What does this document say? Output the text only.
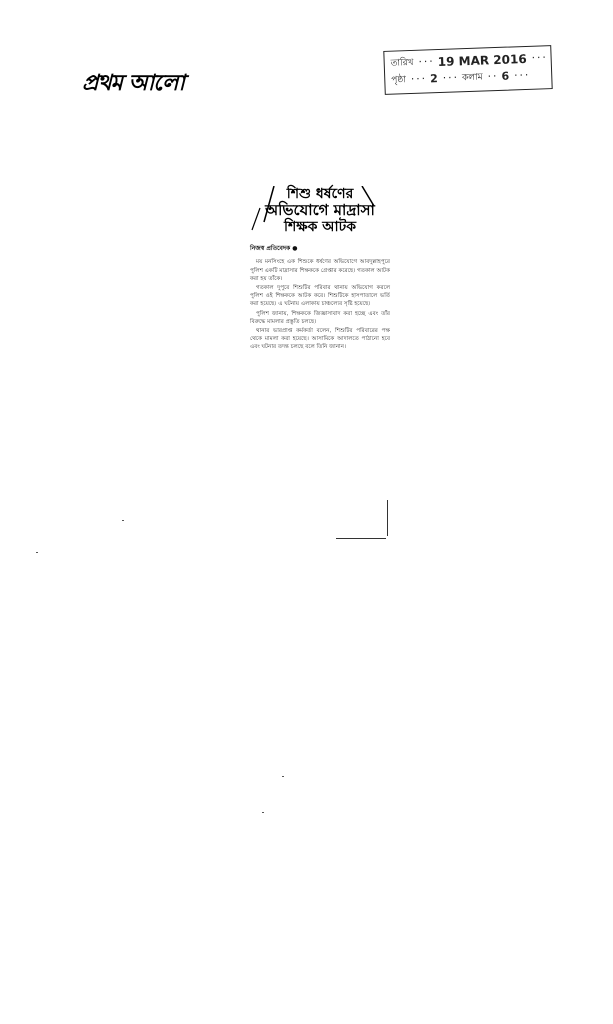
প্রথম আলো
তারিখ ··· 19 MAR 2016 ···
পৃষ্ঠা ··· 2 ··· কলাম ·· 6 ···
শিশু ধর্ষণের
অভিযোগে মাদ্রাসা
শিক্ষক আটক
নিজস্ব প্রতিবেদক ●

ময় মনসিংহে এক শিশুকে ধর্ষণের অভিযোগে আবদুল্লাহপুরে পুলিশ একটি মাদ্রাসার শিক্ষককে গ্রেপ্তার করেছে। গতকাল আটক করা হয় তাঁকে।

গতকাল দুপুরে শিশুটির পরিবার থানায় অভিযোগ করলে পুলিশ ওই শিক্ষককে আটক করে। শিশুটিকে হাসপাতালে ভর্তি করা হয়েছে। এ ঘটনায় এলাকায় চাঞ্চল্যের সৃষ্টি হয়েছে।

পুলিশ জানায়, শিক্ষককে জিজ্ঞাসাবাদ করা হচ্ছে এবং তাঁর বিরুদ্ধে মামলার প্রস্তুতি চলছে।

থানার ভারপ্রাপ্ত কর্মকর্তা বলেন, শিশুটির পরিবারের পক্ষ থেকে মামলা করা হয়েছে। আসামিকে আদালতে পাঠানো হবে এবং ঘটনার তদন্ত চলছে বলে তিনি জানান।
